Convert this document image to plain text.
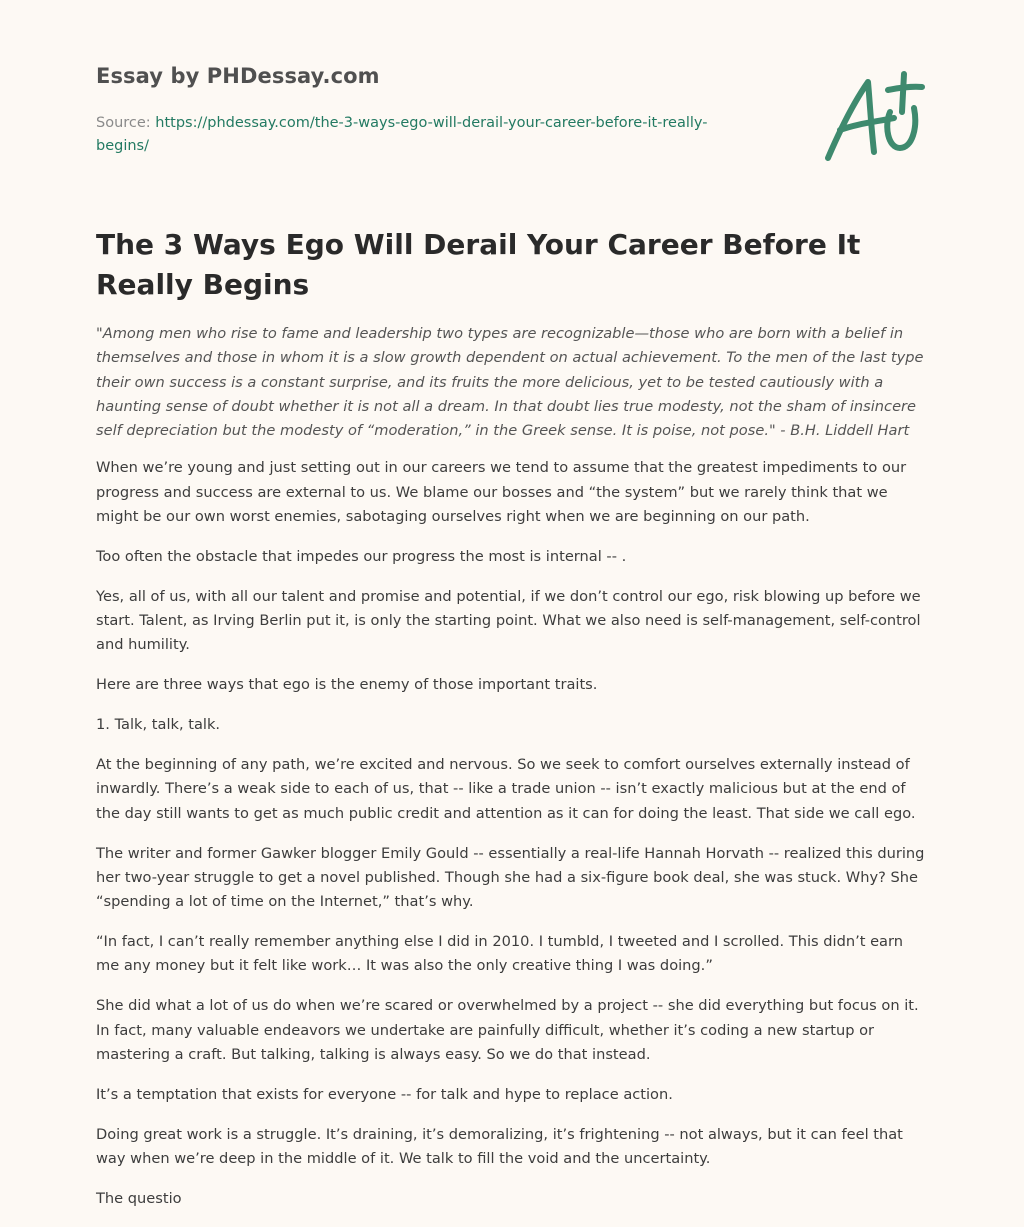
Essay by PHDessay.com
Source: https://phdessay.com/the-3-ways-ego-will-derail-your-career-before-it-really-begins/
The 3 Ways Ego Will Derail Your Career Before It Really Begins

"Among men who rise to fame and leadership two types are recognizable—those who are born with a belief in themselves and those in whom it is a slow growth dependent on actual achievement. To the men of the last type their own success is a constant surprise, and its fruits the more delicious, yet to be tested cautiously with a haunting sense of doubt whether it is not all a dream. In that doubt lies true modesty, not the sham of insincere self depreciation but the modesty of “moderation,” in the Greek sense. It is poise, not pose." - B.H. Liddell Hart

When we’re young and just setting out in our careers we tend to assume that the greatest impediments to our progress and success are external to us. We blame our bosses and “the system” but we rarely think that we might be our own worst enemies, sabotaging ourselves right when we are beginning on our path.

Too often the obstacle that impedes our progress the most is internal -- .

Yes, all of us, with all our talent and promise and potential, if we don’t control our ego, risk blowing up before we start. Talent, as Irving Berlin put it, is only the starting point. What we also need is self-management, self-control and humility.

Here are three ways that ego is the enemy of those important traits.

1. Talk, talk, talk.

At the beginning of any path, we’re excited and nervous. So we seek to comfort ourselves externally instead of inwardly. There’s a weak side to each of us, that -- like a trade union -- isn’t exactly malicious but at the end of the day still wants to get as much public credit and attention as it can for doing the least. That side we call ego.

The writer and former Gawker blogger Emily Gould -- essentially a real-life Hannah Horvath -- realized this during her two-year struggle to get a novel published. Though she had a six-figure book deal, she was stuck. Why? She “spending a lot of time on the Internet,” that’s why.

“In fact, I can’t really remember anything else I did in 2010. I tumbld, I tweeted and I scrolled. This didn’t earn me any money but it felt like work… It was also the only creative thing I was doing.”

She did what a lot of us do when we’re scared or overwhelmed by a project -- she did everything but focus on it. In fact, many valuable endeavors we undertake are painfully difficult, whether it’s coding a new startup or mastering a craft. But talking, talking is always easy. So we do that instead.

It’s a temptation that exists for everyone -- for talk and hype to replace action.

Doing great work is a struggle. It’s draining, it’s demoralizing, it’s frightening -- not always, but it can feel that way when we’re deep in the middle of it. We talk to fill the void and the uncertainty.

The questio
